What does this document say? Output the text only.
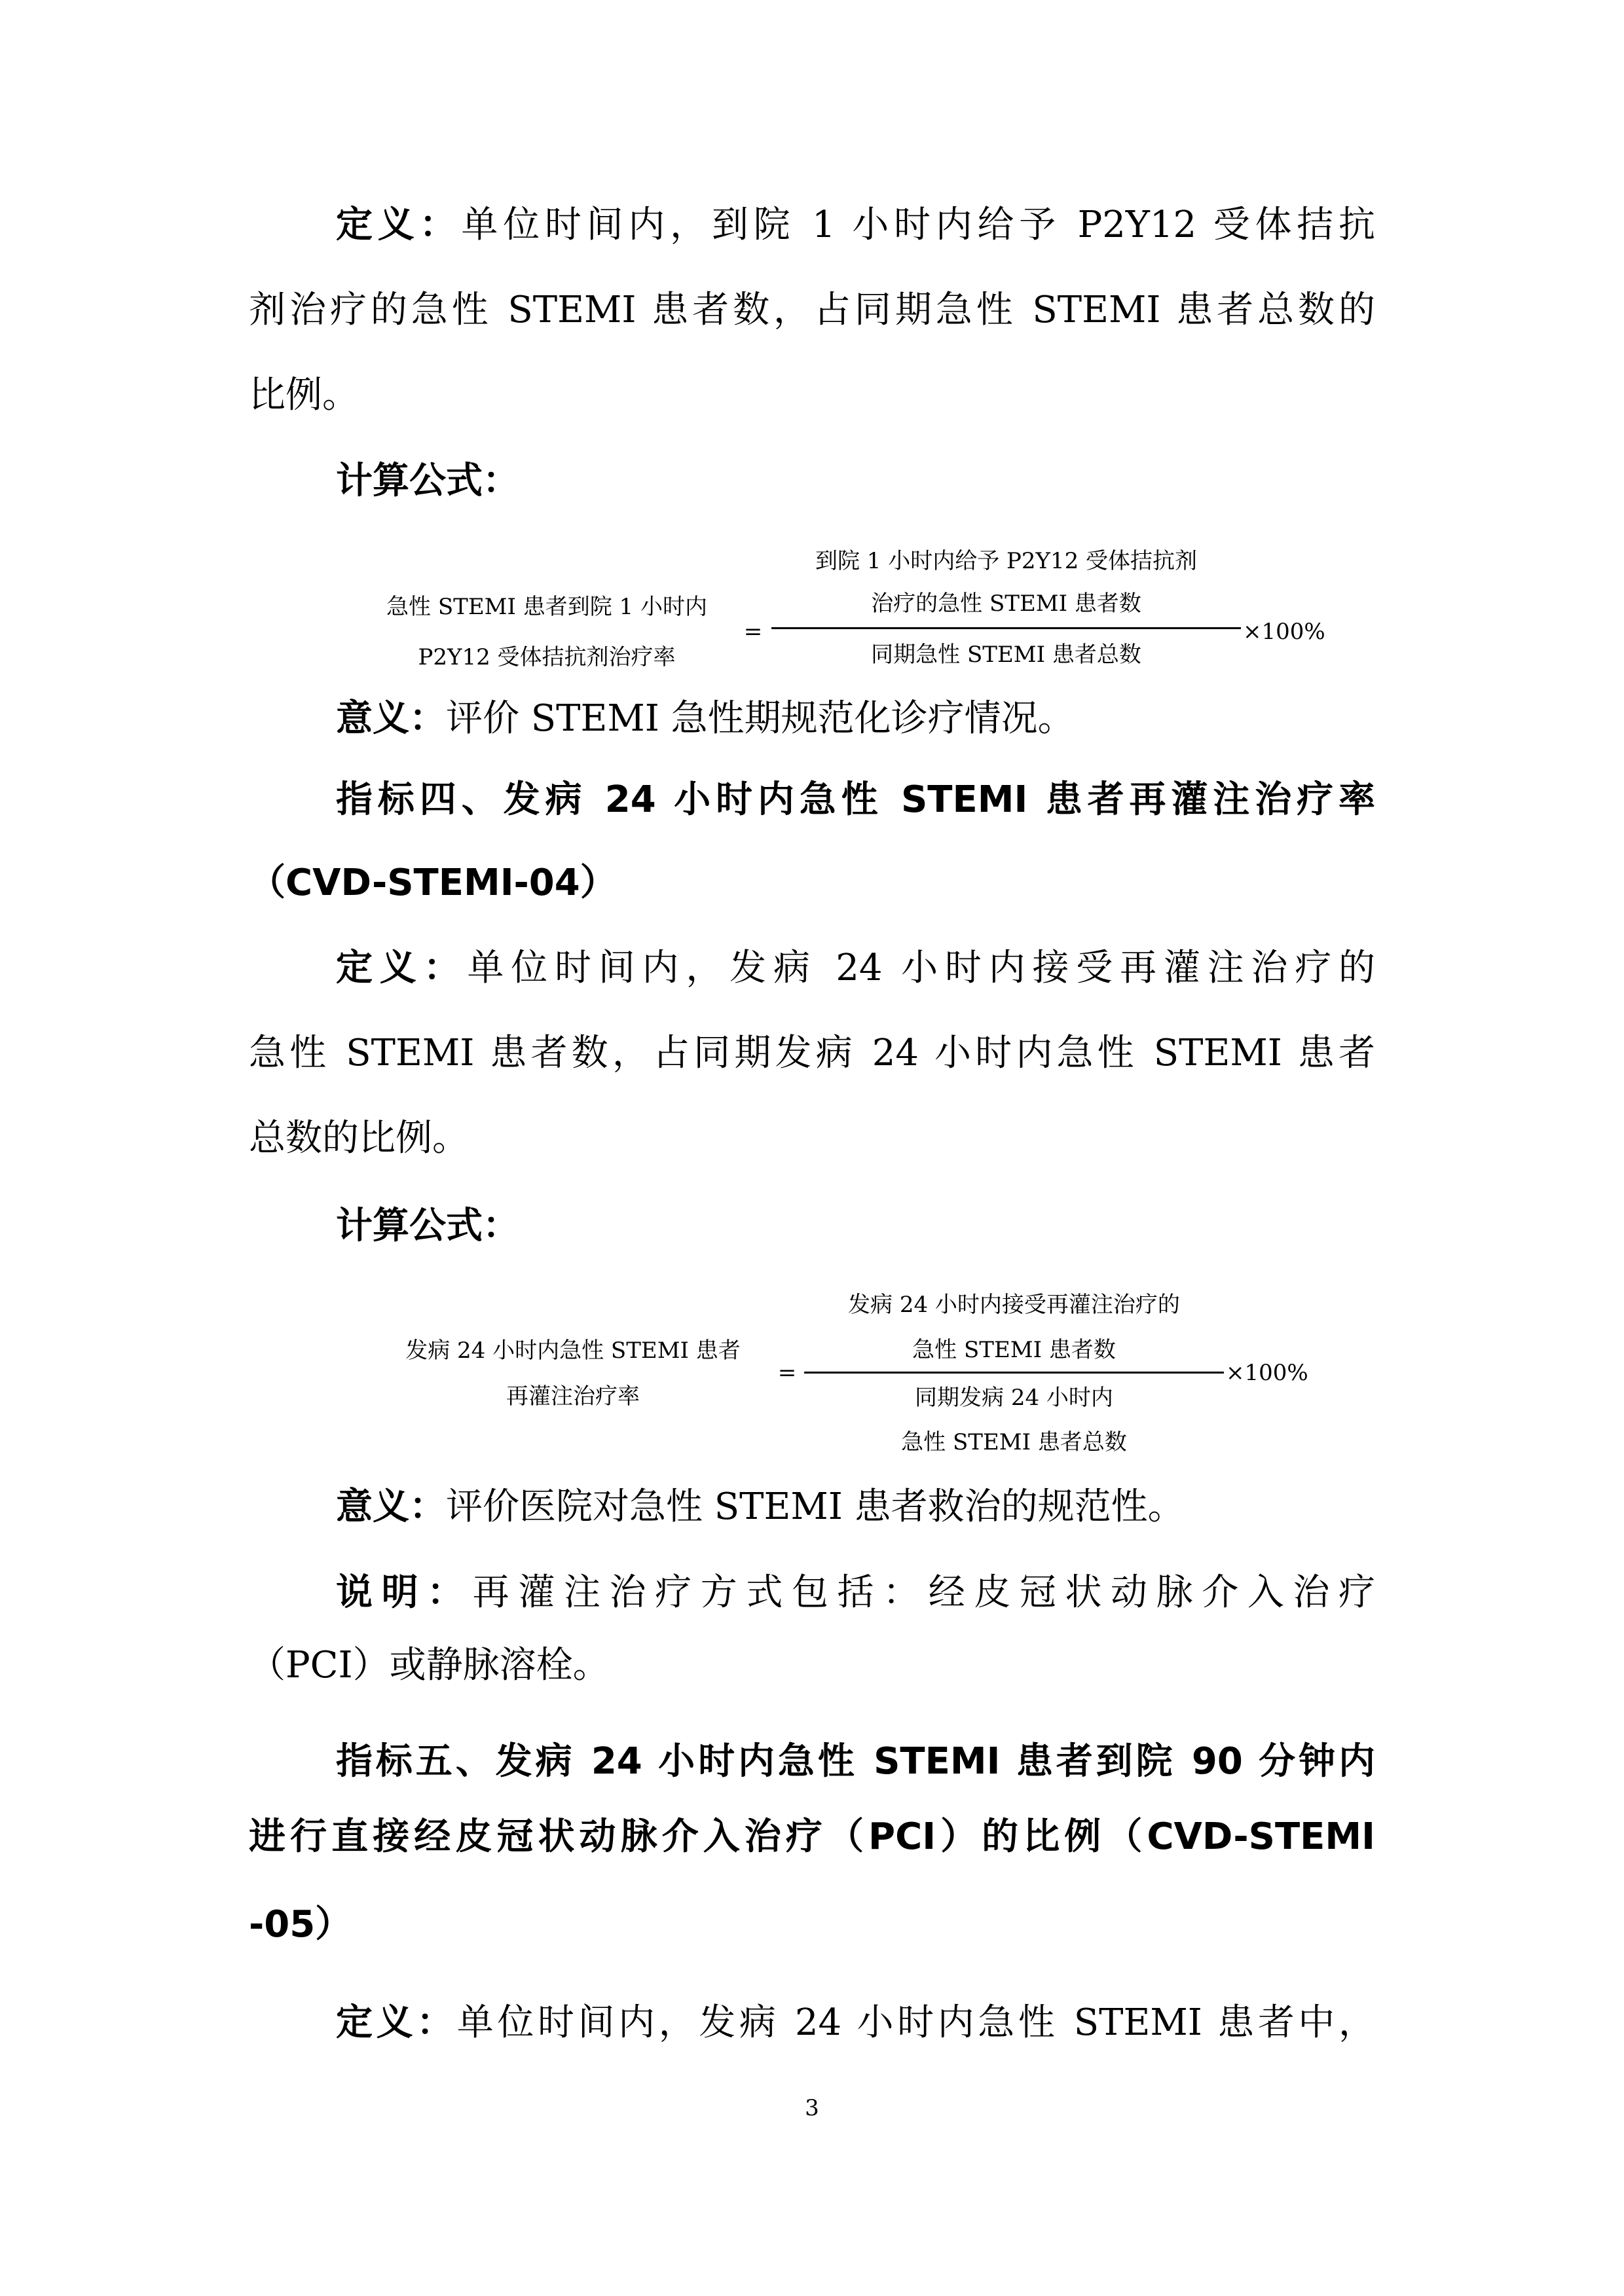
定义：单位时间内，到院 1 小时内给予 P2Y12 受体拮抗
剂治疗的急性 STEMI 患者数，占同期急性 STEMI 患者总数的
比例。
计算公式：
急性 STEMI 患者到院 1 小时内
P2Y12 受体拮抗剂治疗率
=
到院 1 小时内给予 P2Y12 受体拮抗剂
治疗的急性 STEMI 患者数
同期急性 STEMI 患者总数
×100%
意义：评价 STEMI 急性期规范化诊疗情况。
指标四、发病 24 小时内急性 STEMI 患者再灌注治疗率
（CVD-STEMI-04）
定义：单位时间内，发病 24 小时内接受再灌注治疗的
急性 STEMI 患者数，占同期发病 24 小时内急性 STEMI 患者
总数的比例。
计算公式：
发病 24 小时内急性 STEMI 患者
再灌注治疗率
=
发病 24 小时内接受再灌注治疗的
急性 STEMI 患者数
同期发病 24 小时内
急性 STEMI 患者总数
×100%
意义：评价医院对急性 STEMI 患者救治的规范性。
说明：再灌注治疗方式包括：经皮冠状动脉介入治疗
（PCI）或静脉溶栓。
指标五、发病 24 小时内急性 STEMI 患者到院 90 分钟内
进行直接经皮冠状动脉介入治疗（PCI）的比例（CVD-STEMI
-05）
定义：单位时间内，发病 24 小时内急性 STEMI 患者中，
3
